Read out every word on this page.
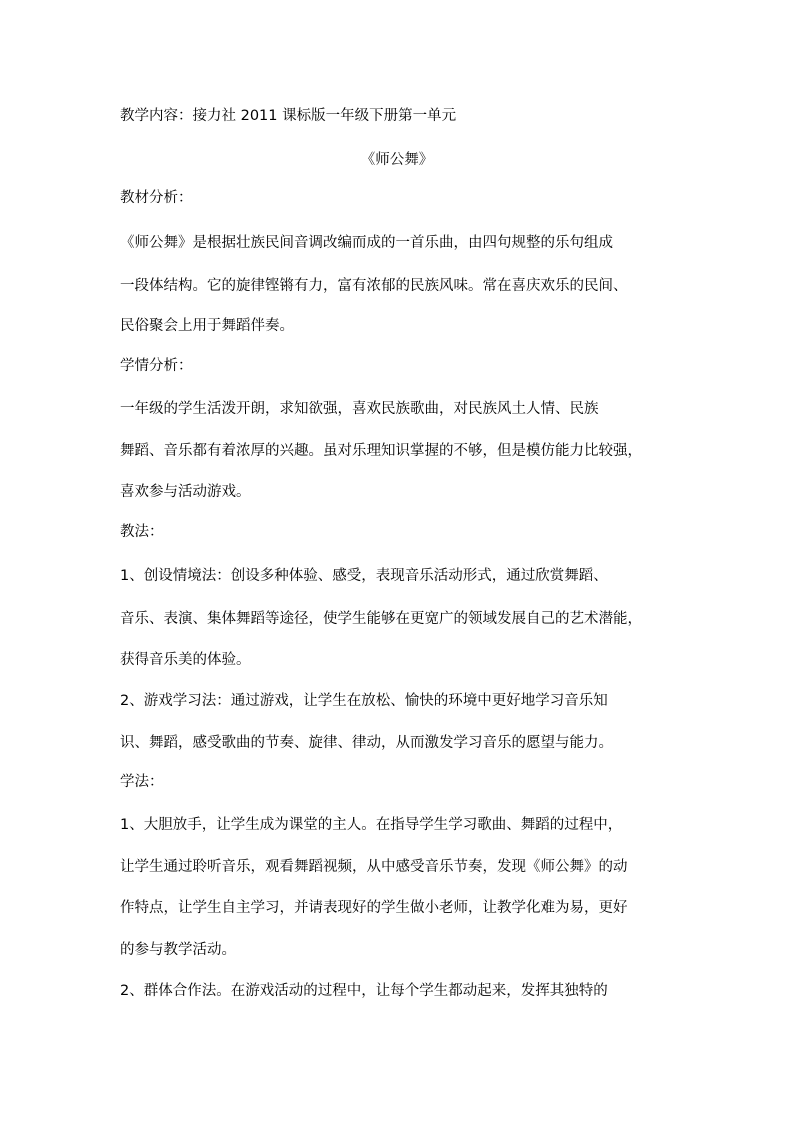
教学内容：接力社 2011 课标版一年级下册第一单元
《师公舞》
教材分析：
《师公舞》是根据壮族民间音调改编而成的一首乐曲，由四句规整的乐句组成
一段体结构。它的旋律铿锵有力，富有浓郁的民族风味。常在喜庆欢乐的民间、
民俗聚会上用于舞蹈伴奏。
学情分析：
一年级的学生活泼开朗，求知欲强，喜欢民族歌曲，对民族风土人情、民族
舞蹈、音乐都有着浓厚的兴趣。虽对乐理知识掌握的不够，但是模仿能力比较强，
喜欢参与活动游戏。
教法：
1、创设情境法：创设多种体验、感受，表现音乐活动形式，通过欣赏舞蹈、
音乐、表演、集体舞蹈等途径，使学生能够在更宽广的领域发展自己的艺术潜能，
获得音乐美的体验。
2、游戏学习法：通过游戏，让学生在放松、愉快的环境中更好地学习音乐知
识、舞蹈，感受歌曲的节奏、旋律、律动，从而激发学习音乐的愿望与能力。
学法：
1、大胆放手，让学生成为课堂的主人。在指导学生学习歌曲、舞蹈的过程中，
让学生通过聆听音乐，观看舞蹈视频，从中感受音乐节奏，发现《师公舞》的动
作特点，让学生自主学习，并请表现好的学生做小老师，让教学化难为易，更好
的参与教学活动。
2、群体合作法。在游戏活动的过程中，让每个学生都动起来，发挥其独特的
